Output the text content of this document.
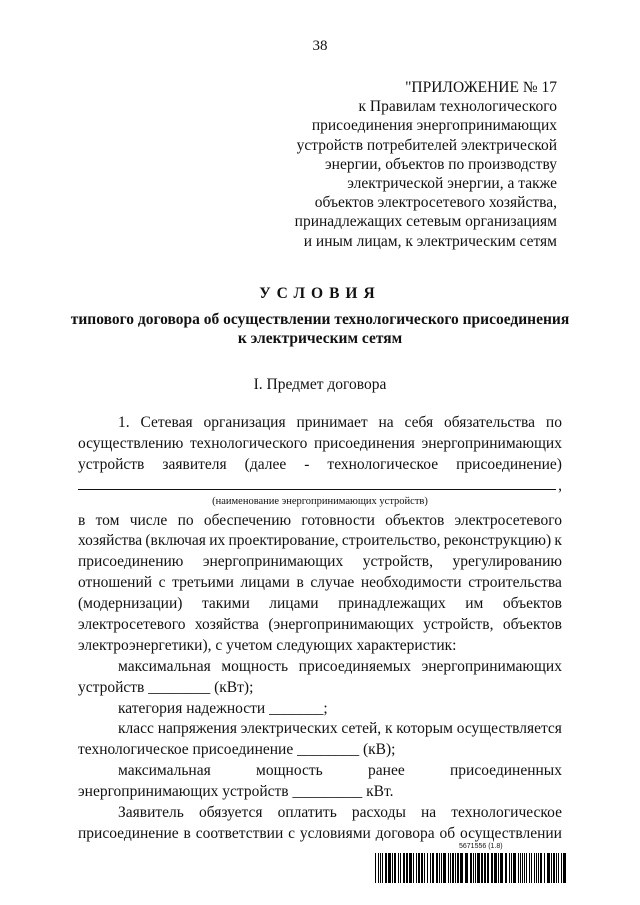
38
"ПРИЛОЖЕНИЕ № 17
к Правилам технологического
присоединения энергопринимающих
устройств потребителей электрической
энергии, объектов по производству
электрической энергии, а также
объектов электросетевого хозяйства,
принадлежащих сетевым организациям
и иным лицам, к электрическим сетям
УСЛОВИЯ
типового договора об осуществлении технологического присоединения
к электрическим сетям
I. Предмет договора
1. Сетевая организация принимает на себя обязательства по
осуществлению технологического присоединения энергопринимающих
устройств заявителя (далее - технологическое присоединение)
,
(наименование энергопринимающих устройств)
в том числе по обеспечению готовности объектов электросетевого
хозяйства (включая их проектирование, строительство, реконструкцию) к
присоединению энергопринимающих устройств, урегулированию
отношений с третьими лицами в случае необходимости строительства
(модернизации) такими лицами принадлежащих им объектов
электросетевого хозяйства (энергопринимающих устройств, объектов
электроэнергетики), с учетом следующих характеристик:
максимальная мощность присоединяемых энергопринимающих
устройств ________ (кВт);
категория надежности _______;
класс напряжения электрических сетей, к которым осуществляется
технологическое присоединение ________ (кВ);
максимальная	мощность	ранее	присоединенных
энергопринимающих устройств _________ кВт.
Заявитель обязуется оплатить расходы на технологическое
присоединение в соответствии с условиями договора об осуществлении
5671556 (1.8)
